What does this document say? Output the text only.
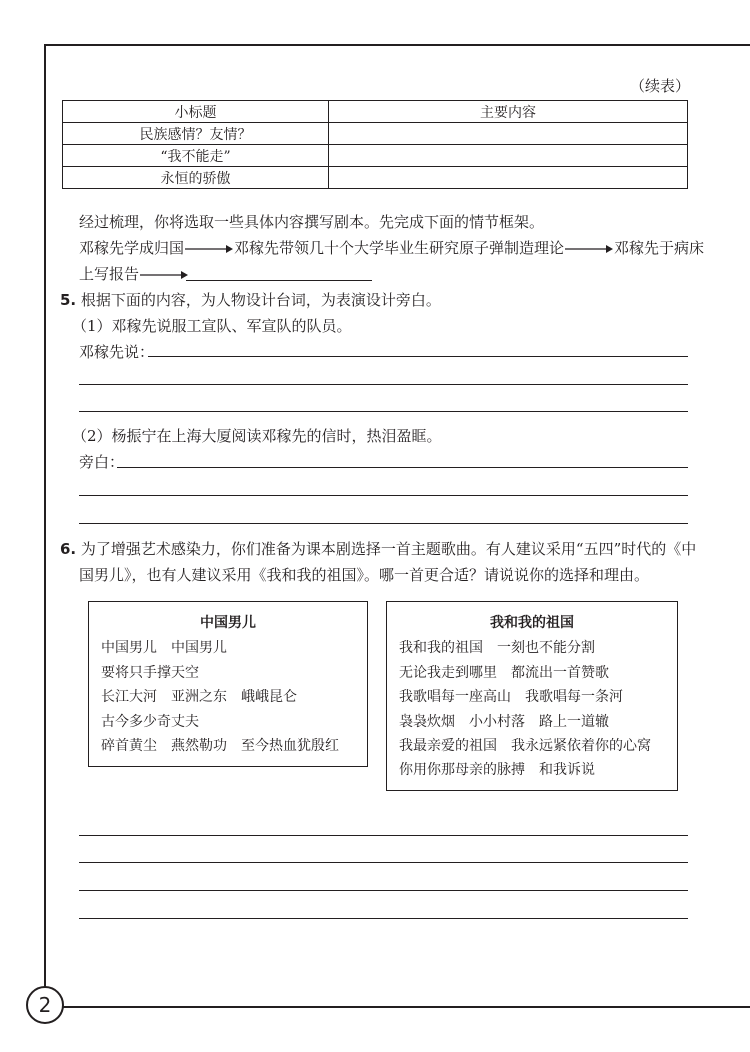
（续表）
小标题	主要内容
民族感情？友情？	
“我不能走”	
永恒的骄傲	
经过梳理，你将选取一些具体内容撰写剧本。先完成下面的情节框架。
邓稼先学成归国	邓稼先带领几十个大学毕业生研究原子弹制造理论	邓稼先于病床
上写报告
5. 根据下面的内容，为人物设计台词，为表演设计旁白。
（1）邓稼先说服工宣队、军宣队的队员。
邓稼先说：
（2）杨振宁在上海大厦阅读邓稼先的信时，热泪盈眶。
旁白：
6. 为了增强艺术感染力，你们准备为课本剧选择一首主题歌曲。有人建议采用“五四”时代的《中
国男儿》，也有人建议采用《我和我的祖国》。哪一首更合适？请说说你的选择和理由。
中国男儿
中国男儿　中国男儿
要将只手撑天空
长江大河　亚洲之东　峨峨昆仑
古今多少奇丈夫
碎首黄尘　燕然勒功　至今热血犹殷红
我和我的祖国
我和我的祖国　一刻也不能分割
无论我走到哪里　都流出一首赞歌
我歌唱每一座高山　我歌唱每一条河
袅袅炊烟　小小村落　路上一道辙
我最亲爱的祖国　我永远紧依着你的心窝
你用你那母亲的脉搏　和我诉说
2
